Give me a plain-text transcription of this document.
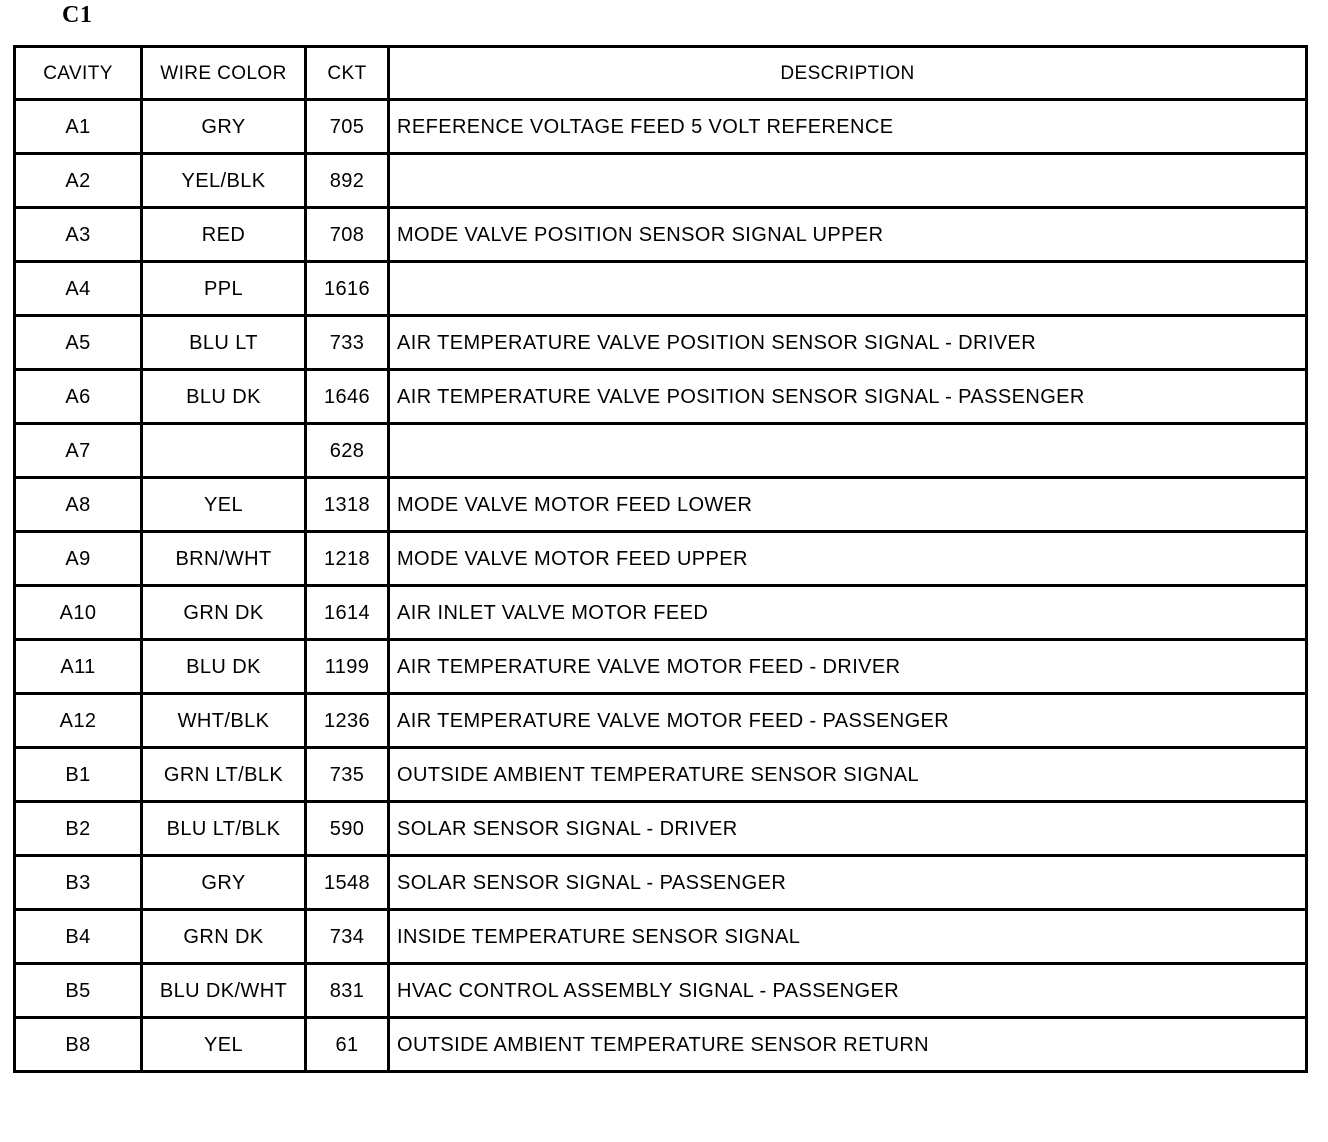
C1
CAVITY	WIRE COLOR	CKT	DESCRIPTION
A1	GRY	705	REFERENCE VOLTAGE FEED 5 VOLT REFERENCE
A2	YEL/BLK	892	
A3	RED	708	MODE VALVE POSITION SENSOR SIGNAL UPPER
A4	PPL	1616	
A5	BLU LT	733	AIR TEMPERATURE VALVE POSITION SENSOR SIGNAL - DRIVER
A6	BLU DK	1646	AIR TEMPERATURE VALVE POSITION SENSOR SIGNAL - PASSENGER
A7		628	
A8	YEL	1318	MODE VALVE MOTOR FEED LOWER
A9	BRN/WHT	1218	MODE VALVE MOTOR FEED UPPER
A10	GRN DK	1614	AIR INLET VALVE MOTOR FEED
A11	BLU DK	1199	AIR TEMPERATURE VALVE MOTOR FEED - DRIVER
A12	WHT/BLK	1236	AIR TEMPERATURE VALVE MOTOR FEED - PASSENGER
B1	GRN LT/BLK	735	OUTSIDE AMBIENT TEMPERATURE SENSOR SIGNAL
B2	BLU LT/BLK	590	SOLAR SENSOR SIGNAL - DRIVER
B3	GRY	1548	SOLAR SENSOR SIGNAL - PASSENGER
B4	GRN DK	734	INSIDE TEMPERATURE SENSOR SIGNAL
B5	BLU DK/WHT	831	HVAC CONTROL ASSEMBLY SIGNAL - PASSENGER
B8	YEL	61	OUTSIDE AMBIENT TEMPERATURE SENSOR RETURN
